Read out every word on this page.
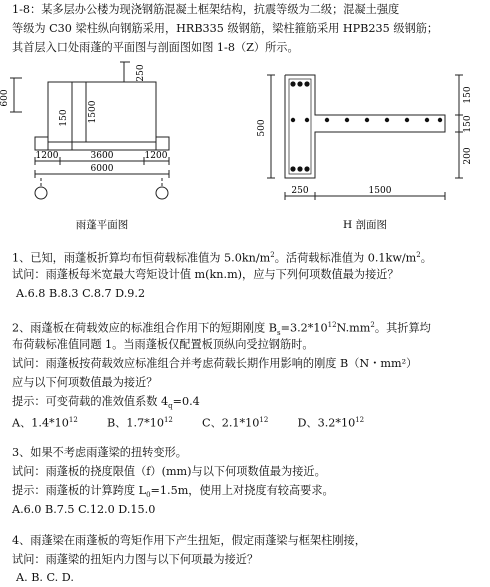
1-8：某多层办公楼为现浇钢筋混凝土框架结构，抗震等级为二级；混凝土强度
等级为 C30 梁柱纵向钢筋采用，HRB335 级钢筋，梁柱箍筋采用 HPB235 级钢筋；
其首层入口处雨蓬的平面图与剖面图如图 1-8（Z）所示。
600
250
150 1500
1200	3600	1200
6000
雨蓬平面图
500
150
150
200
250	1500
H 剖面图
1、已知，雨蓬板折算均布恒荷载标准值为 $5.0kn/m^2$。活荷载标准值为 $0.1kw/m^2$。
试问：雨蓬板每米宽最大弯矩设计值 m(kn.m)，应与下列何项数值最为接近？
A.6.8 B.8.3 C.8.7 D.9.2
2、雨蓬板在荷载效应的标准组合作用下的短期刚度 $B_s=3.2*10^{12}N.mm^2$。其折算均
布荷载标准值同题 1。当雨蓬板仅配置板顶纵向受拉钢筋时。
试问：雨蓬板按荷载效应标准组合并考虑荷载长期作用影响的刚度 B（N・mm²）
应与以下何项数值最为接近？
提示：可变荷载的准效值系数 $4_q=0.4$
A、$1.4*10^{12}$	B、$1.7*10^{12}$	C、$2.1*10^{12}$	D、$3.2*10^{12}$
3、如果不考虑雨蓬梁的扭转变形。
试问：雨蓬板的挠度限值（f）(mm)与以下何项数值最为接近。
提示：雨蓬板的计算跨度 $L_0=1.5m$，使用上对挠度有较高要求。
A.6.0 B.7.5 C.12.0 D.15.0
4、雨蓬梁在雨蓬板的弯矩作用下产生扭矩，假定雨蓬梁与框架柱刚接，
试问：雨蓬梁的扭矩内力图与以下何项最为接近？
A. B. C. D.
